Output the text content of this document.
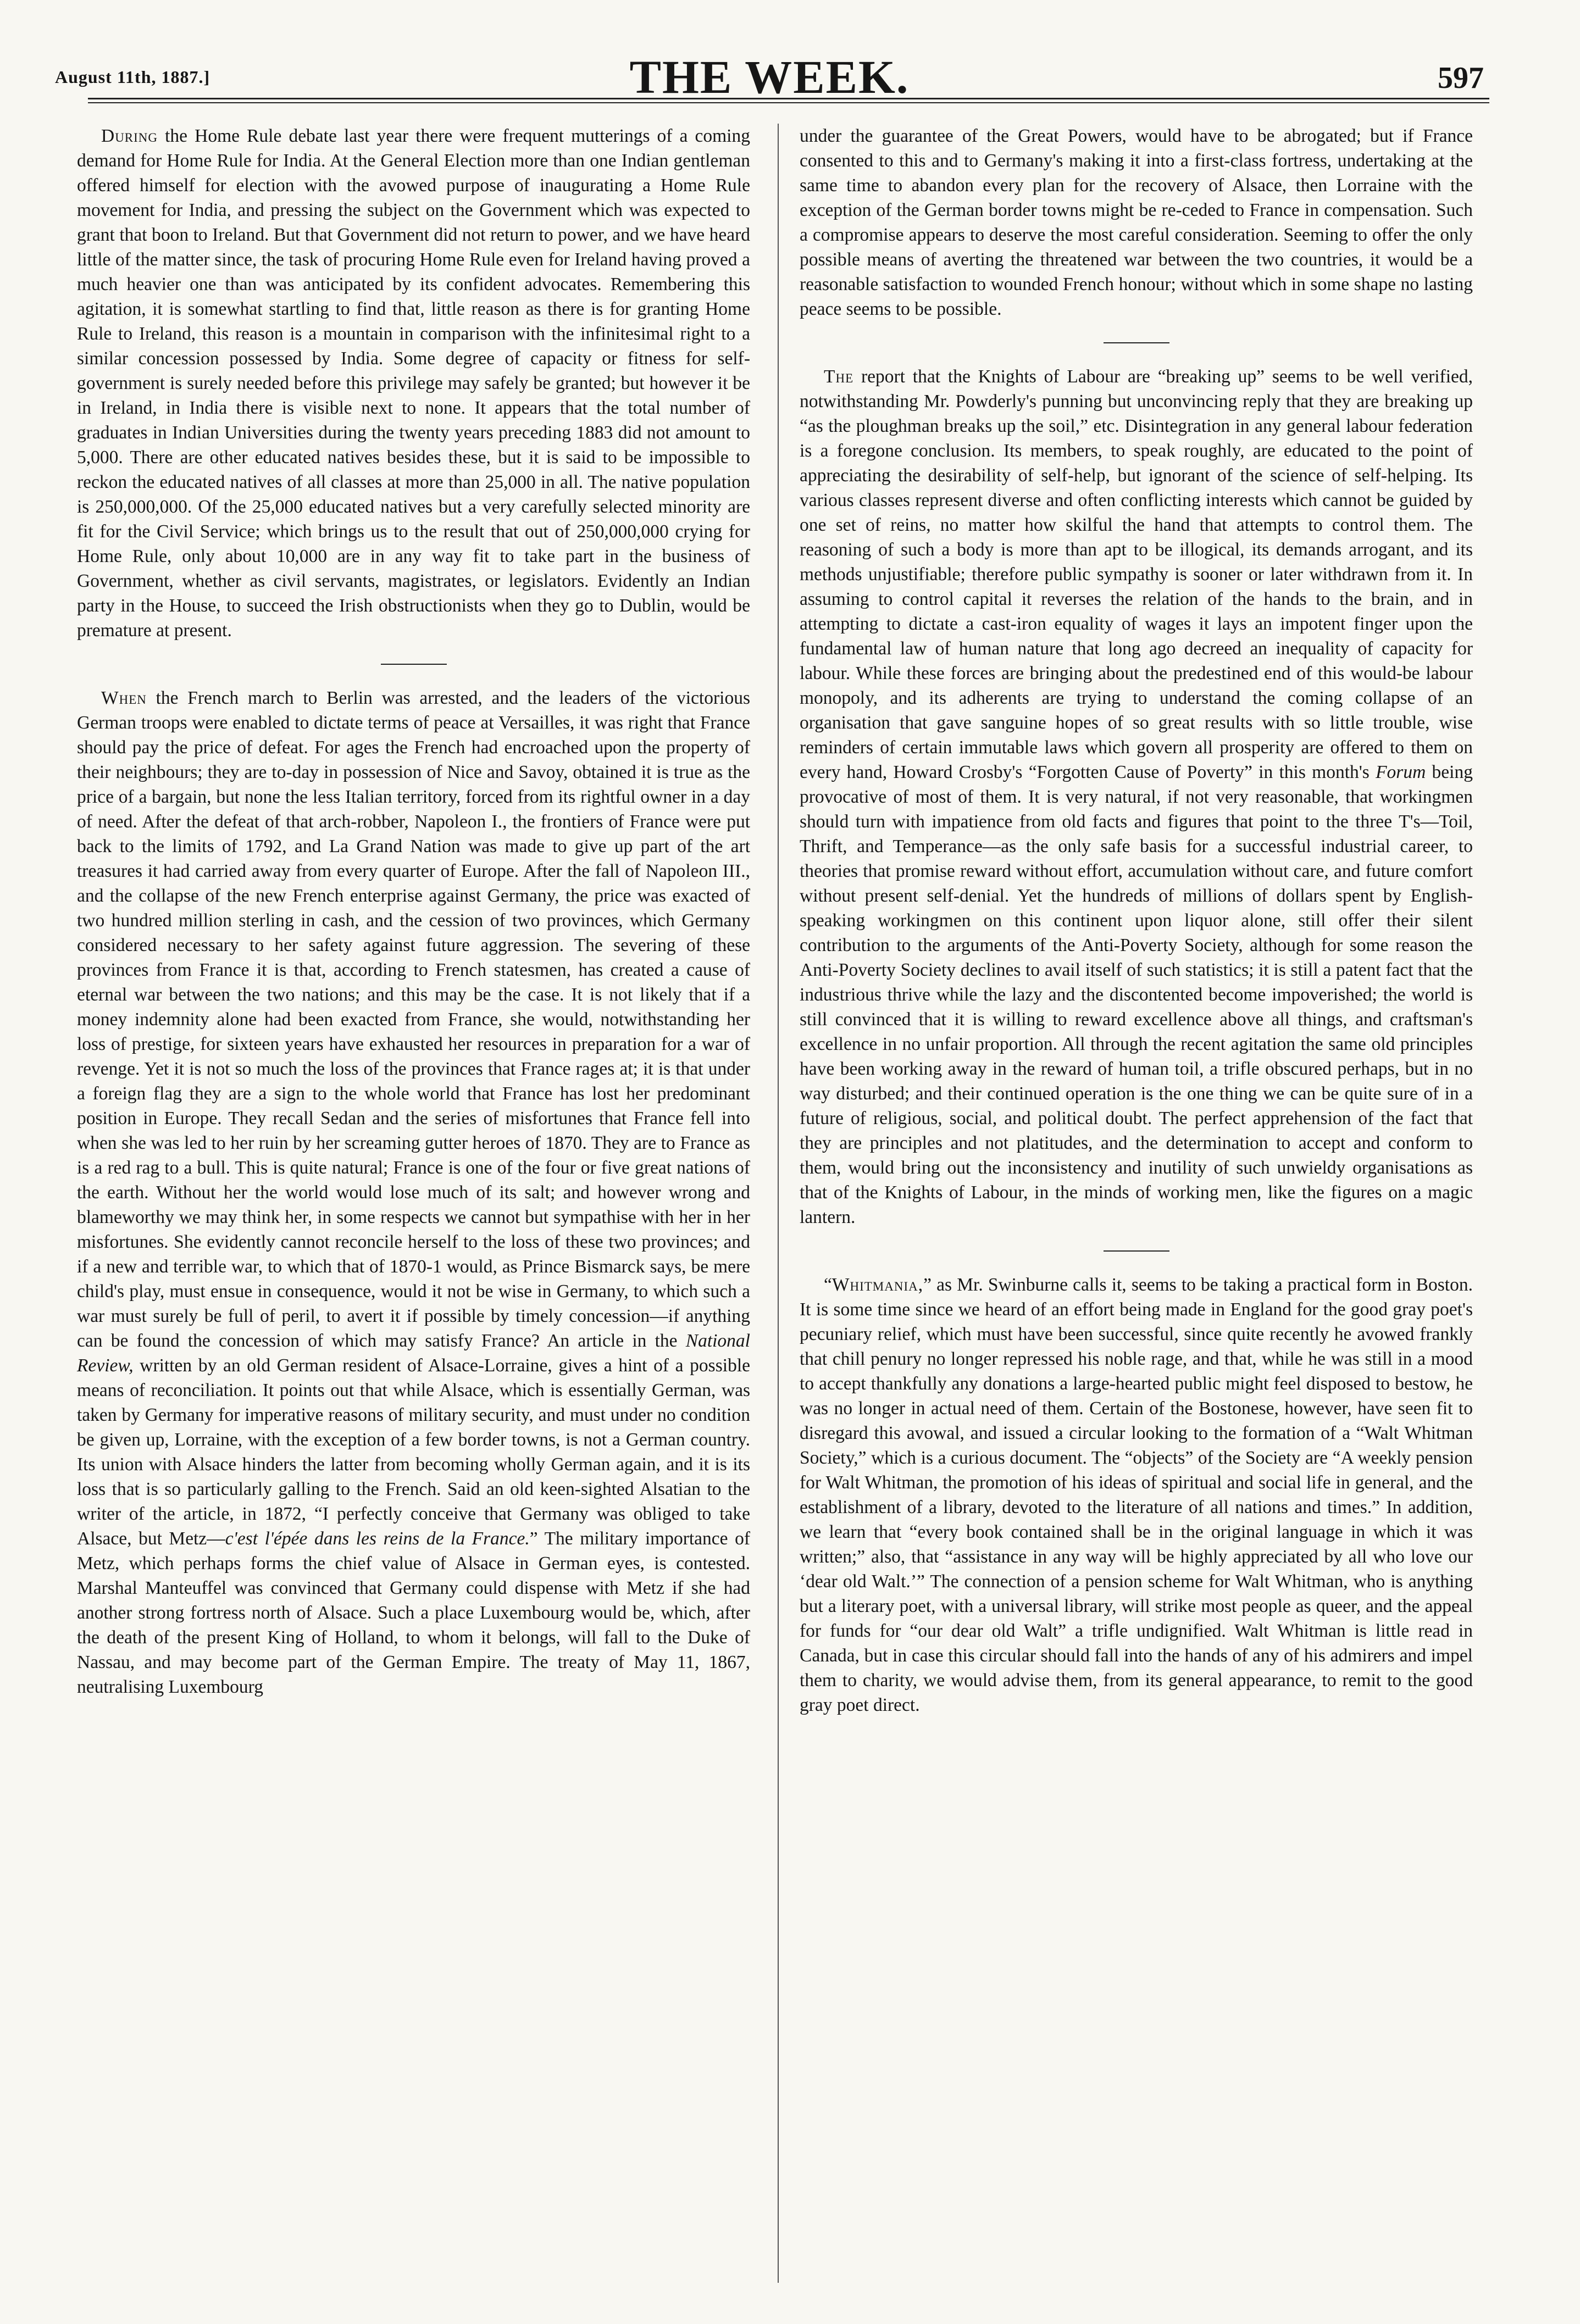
August 11th, 1887.]	THE WEEK.	597

During the Home Rule debate last year there were frequent mutterings of a coming demand for Home Rule for India. At the General Election more than one Indian gentleman offered himself for election with the avowed purpose of inaugurating a Home Rule movement for India, and pressing the subject on the Government which was expected to grant that boon to Ireland. But that Government did not return to power, and we have heard little of the matter since, the task of procuring Home Rule even for Ireland having proved a much heavier one than was anticipated by its confident advocates. Remembering this agitation, it is somewhat startling to find that, little reason as there is for granting Home Rule to Ireland, this reason is a mountain in comparison with the infinitesimal right to a similar concession possessed by India. Some degree of capacity or fitness for self-government is surely needed before this privilege may safely be granted; but however it be in Ireland, in India there is visible next to none. It appears that the total number of graduates in Indian Universities during the twenty years preceding 1883 did not amount to 5,000. There are other educated natives besides these, but it is said to be impossible to reckon the educated natives of all classes at more than 25,000 in all. The native population is 250,000,000. Of the 25,000 educated natives but a very carefully selected minority are fit for the Civil Service; which brings us to the result that out of 250,000,000 crying for Home Rule, only about 10,000 are in any way fit to take part in the business of Government, whether as civil servants, magistrates, or legislators. Evidently an Indian party in the House, to succeed the Irish obstructionists when they go to Dublin, would be premature at present.

When the French march to Berlin was arrested, and the leaders of the victorious German troops were enabled to dictate terms of peace at Versailles, it was right that France should pay the price of defeat. For ages the French had encroached upon the property of their neighbours; they are to-day in possession of Nice and Savoy, obtained it is true as the price of a bargain, but none the less Italian territory, forced from its rightful owner in a day of need. After the defeat of that arch-robber, Napoleon I., the frontiers of France were put back to the limits of 1792, and La Grand Nation was made to give up part of the art treasures it had carried away from every quarter of Europe. After the fall of Napoleon III., and the collapse of the new French enterprise against Germany, the price was exacted of two hundred million sterling in cash, and the cession of two provinces, which Germany considered necessary to her safety against future aggression. The severing of these provinces from France it is that, according to French statesmen, has created a cause of eternal war between the two nations; and this may be the case. It is not likely that if a money indemnity alone had been exacted from France, she would, notwithstanding her loss of prestige, for sixteen years have exhausted her resources in preparation for a war of revenge. Yet it is not so much the loss of the provinces that France rages at; it is that under a foreign flag they are a sign to the whole world that France has lost her predominant position in Europe. They recall Sedan and the series of misfortunes that France fell into when she was led to her ruin by her screaming gutter heroes of 1870. They are to France as is a red rag to a bull. This is quite natural; France is one of the four or five great nations of the earth. Without her the world would lose much of its salt; and however wrong and blameworthy we may think her, in some respects we cannot but sympathise with her in her misfortunes. She evidently cannot reconcile herself to the loss of these two provinces; and if a new and terrible war, to which that of 1870-1 would, as Prince Bismarck says, be mere child's play, must ensue in consequence, would it not be wise in Germany, to which such a war must surely be full of peril, to avert it if possible by timely concession—if anything can be found the concession of which may satisfy France? An article in the National Review, written by an old German resident of Alsace-Lorraine, gives a hint of a possible means of reconciliation. It points out that while Alsace, which is essentially German, was taken by Germany for imperative reasons of military security, and must under no condition be given up, Lorraine, with the exception of a few border towns, is not a German country. Its union with Alsace hinders the latter from becoming wholly German again, and it is its loss that is so particularly galling to the French. Said an old keen-sighted Alsatian to the writer of the article, in 1872, “I perfectly conceive that Germany was obliged to take Alsace, but Metz—c'est l'épée dans les reins de la France.” The military importance of Metz, which perhaps forms the chief value of Alsace in German eyes, is contested. Marshal Manteuffel was convinced that Germany could dispense with Metz if she had another strong fortress north of Alsace. Such a place Luxembourg would be, which, after the death of the present King of Holland, to whom it belongs, will fall to the Duke of Nassau, and may become part of the German Empire. The treaty of May 11, 1867, neutralising Luxembourg

under the guarantee of the Great Powers, would have to be abrogated; but if France consented to this and to Germany's making it into a first-class fortress, undertaking at the same time to abandon every plan for the recovery of Alsace, then Lorraine with the exception of the German border towns might be re-ceded to France in compensation. Such a compromise appears to deserve the most careful consideration. Seeming to offer the only possible means of averting the threatened war between the two countries, it would be a reasonable satisfaction to wounded French honour; without which in some shape no lasting peace seems to be possible.

The report that the Knights of Labour are “breaking up” seems to be well verified, notwithstanding Mr. Powderly's punning but unconvincing reply that they are breaking up “as the ploughman breaks up the soil,” etc. Disintegration in any general labour federation is a foregone conclusion. Its members, to speak roughly, are educated to the point of appreciating the desirability of self-help, but ignorant of the science of self-helping. Its various classes represent diverse and often conflicting interests which cannot be guided by one set of reins, no matter how skilful the hand that attempts to control them. The reasoning of such a body is more than apt to be illogical, its demands arrogant, and its methods unjustifiable; therefore public sympathy is sooner or later withdrawn from it. In assuming to control capital it reverses the relation of the hands to the brain, and in attempting to dictate a cast-iron equality of wages it lays an impotent finger upon the fundamental law of human nature that long ago decreed an inequality of capacity for labour. While these forces are bringing about the predestined end of this would-be labour monopoly, and its adherents are trying to understand the coming collapse of an organisation that gave sanguine hopes of so great results with so little trouble, wise reminders of certain immutable laws which govern all prosperity are offered to them on every hand, Howard Crosby's “Forgotten Cause of Poverty” in this month's Forum being provocative of most of them. It is very natural, if not very reasonable, that workingmen should turn with impatience from old facts and figures that point to the three T's—Toil, Thrift, and Temperance—as the only safe basis for a successful industrial career, to theories that promise reward without effort, accumulation without care, and future comfort without present self-denial. Yet the hundreds of millions of dollars spent by English-speaking workingmen on this continent upon liquor alone, still offer their silent contribution to the arguments of the Anti-Poverty Society, although for some reason the Anti-Poverty Society declines to avail itself of such statistics; it is still a patent fact that the industrious thrive while the lazy and the discontented become impoverished; the world is still convinced that it is willing to reward excellence above all things, and craftsman's excellence in no unfair proportion. All through the recent agitation the same old principles have been working away in the reward of human toil, a trifle obscured perhaps, but in no way disturbed; and their continued operation is the one thing we can be quite sure of in a future of religious, social, and political doubt. The perfect apprehension of the fact that they are principles and not platitudes, and the determination to accept and conform to them, would bring out the inconsistency and inutility of such unwieldy organisations as that of the Knights of Labour, in the minds of working men, like the figures on a magic lantern.

“Whitmania,” as Mr. Swinburne calls it, seems to be taking a practical form in Boston. It is some time since we heard of an effort being made in England for the good gray poet's pecuniary relief, which must have been successful, since quite recently he avowed frankly that chill penury no longer repressed his noble rage, and that, while he was still in a mood to accept thankfully any donations a large-hearted public might feel disposed to bestow, he was no longer in actual need of them. Certain of the Bostonese, however, have seen fit to disregard this avowal, and issued a circular looking to the formation of a “Walt Whitman Society,” which is a curious document. The “objects” of the Society are “A weekly pension for Walt Whitman, the promotion of his ideas of spiritual and social life in general, and the establishment of a library, devoted to the literature of all nations and times.” In addition, we learn that “every book contained shall be in the original language in which it was written;” also, that “assistance in any way will be highly appreciated by all who love our ‘dear old Walt.’” The connection of a pension scheme for Walt Whitman, who is anything but a literary poet, with a universal library, will strike most people as queer, and the appeal for funds for “our dear old Walt” a trifle undignified. Walt Whitman is little read in Canada, but in case this circular should fall into the hands of any of his admirers and impel them to charity, we would advise them, from its general appearance, to remit to the good gray poet direct.
